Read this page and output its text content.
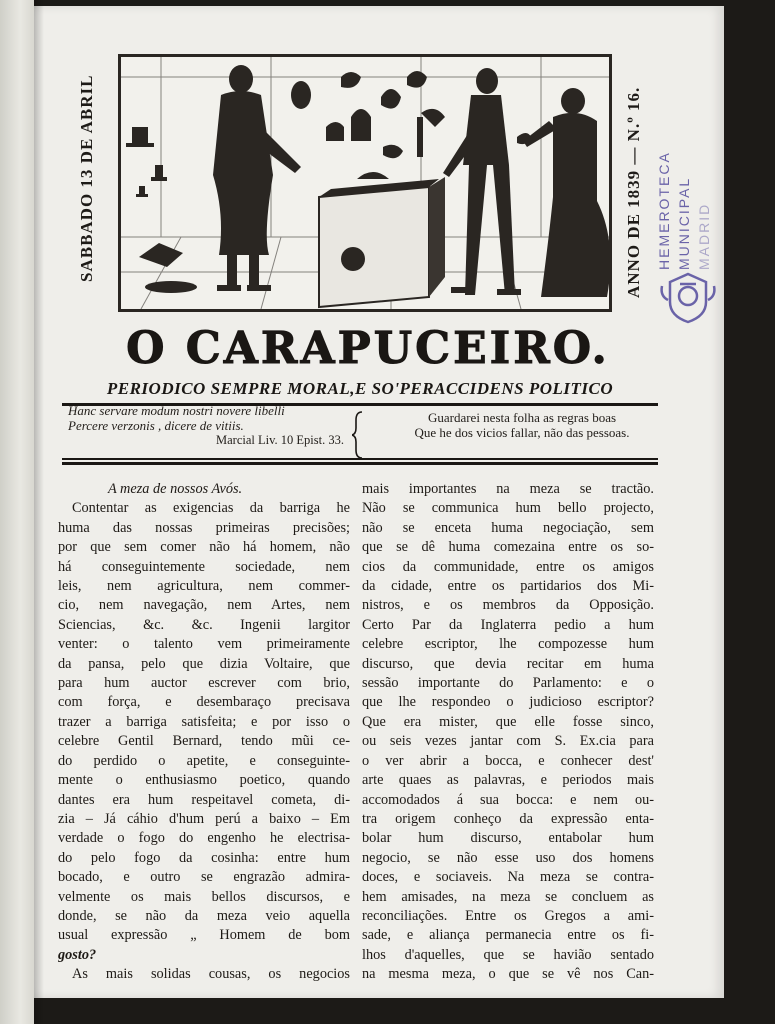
SABBADO 13 DE ABRIL	ANNO DE 1839 — N.º 16. HEMEROTECA MUNICIPAL MADRID
O CARAPUCEIRO.
PERIODICO SEMPRE MORAL,E SO'PERACCIDENS POLITICO
Hanc servare modum nostri novere libelli
Percere verzonis , dicere de vitiis.
Marcial Liv. 10 Epist. 33.
Guardarei nesta folha as regras boas
Que he dos vicios fallar, não das pessoas.
A meza de nossos Avós.
Contentar as exigencias da barriga he
huma das nossas primeiras precisões;
por que sem comer não há homem, não
há conseguintemente sociedade, nem
leis, nem agricultura, nem commer-
cio, nem navegação, nem Artes, nem
Sciencias, &c. &c. Ingenii largitor
venter: o talento vem primeiramente
da pansa, pelo que dizia Voltaire, que
para hum auctor escrever com brio,
com força, e desembaraço precisava
trazer a barriga satisfeita; e por isso o
celebre Gentil Bernard, tendo mũi ce-
do perdido o apetite, e conseguinte-
mente o enthusiasmo poetico, quando
dantes era hum respeitavel cometa, di-
zia – Já cáhio d'hum perú a baixo – Em
verdade o fogo do engenho he electrisa-
do pelo fogo da cosinha: entre hum
bocado, e outro se engrazão admira-
velmente os mais bellos discursos, e
donde, se não da meza veio aquella
usual expressão „ Homem de bom
gosto?
As mais solidas cousas, os negocios
mais importantes na meza se tractão.
Não se communica hum bello projecto,
não se enceta huma negociação, sem
que se dê huma comezaina entre os so-
cios da communidade, entre os amigos
da cidade, entre os partidarios dos Mi-
nistros, e os membros da Opposição.
Certo Par da Inglaterra pedio a hum
celebre escriptor, lhe compozesse hum
discurso, que devia recitar em huma
sessão importante do Parlamento: e o
que lhe respondeo o judicioso escriptor?
Que era mister, que elle fosse sinco,
ou seis vezes jantar com S. Ex.cia para
o ver abrir a bocca, e conhecer dest'
arte quaes as palavras, e periodos mais
accomodados á sua bocca: e nem ou-
tra origem conheço da expressão enta-
bolar hum discurso, entabolar hum
negocio, se não esse uso dos homens
doces, e sociaveis. Na meza se contra-
hem amisades, na meza se concluem as
reconciliações. Entre os Gregos a ami-
sade, e aliança permanecia entre os fi-
lhos d'aquelles, que se havião sentado
na mesma meza, o que se vê nos Can-
